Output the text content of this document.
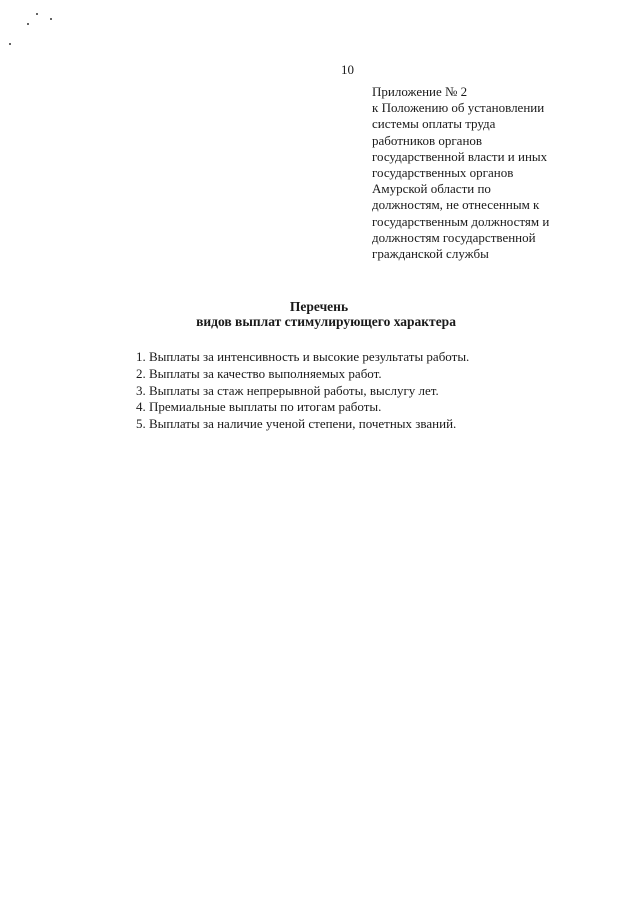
10
Приложение № 2
к Положению об установлении
системы оплаты труда
работников органов
государственной власти и иных
государственных органов
Амурской области по
должностям, не отнесенным к
государственным должностям и
должностям государственной
гражданской службы
Перечень
видов выплат стимулирующего характера
1. Выплаты за интенсивность и высокие результаты работы.
2. Выплаты за качество выполняемых работ.
3. Выплаты за стаж непрерывной работы, выслугу лет.
4. Премиальные выплаты по итогам работы.
5. Выплаты за наличие ученой степени, почетных званий.
